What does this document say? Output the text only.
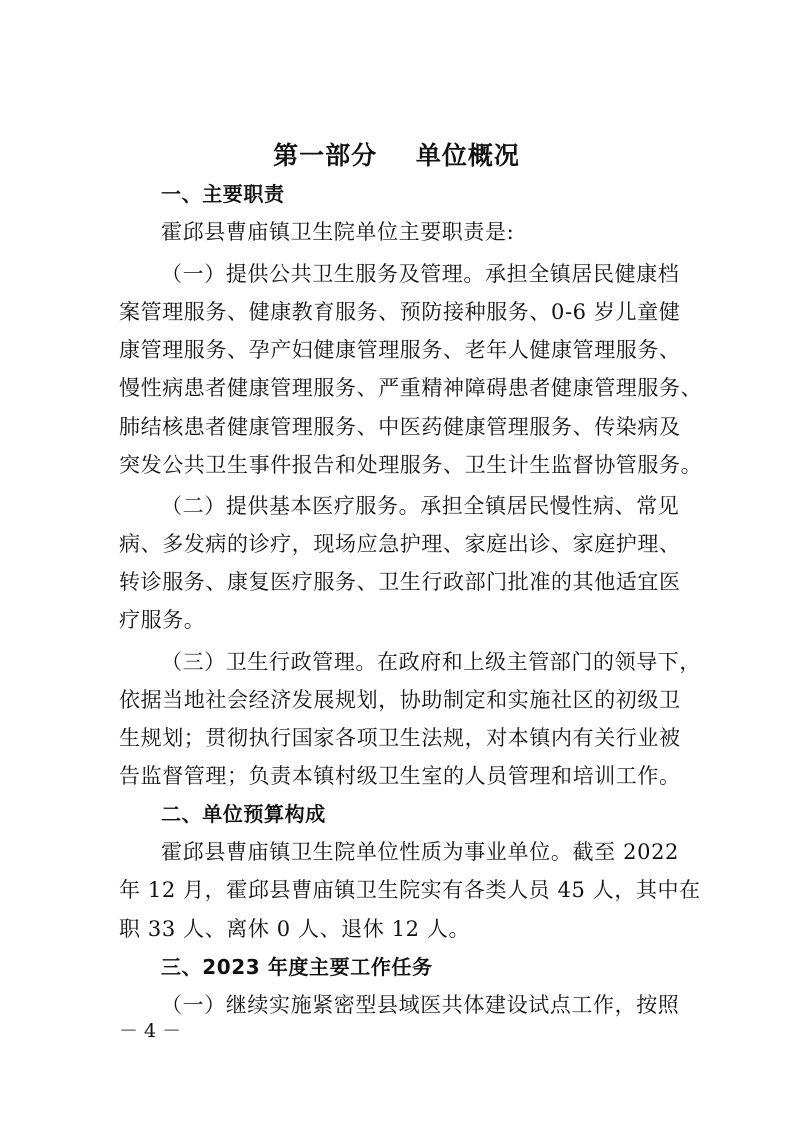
第一部分    单位概况
一、主要职责
霍邱县曹庙镇卫生院单位主要职责是:
（一）提供公共卫生服务及管理。承担全镇居民健康档
案管理服务、健康教育服务、预防接种服务、0-6 岁儿童健
康管理服务、孕产妇健康管理服务、老年人健康管理服务、
慢性病患者健康管理服务、严重精神障碍患者健康管理服务、
肺结核患者健康管理服务、中医药健康管理服务、传染病及
突发公共卫生事件报告和处理服务、卫生计生监督协管服务。
（二）提供基本医疗服务。承担全镇居民慢性病、常见
病、多发病的诊疗，现场应急护理、家庭出诊、家庭护理、
转诊服务、康复医疗服务、卫生行政部门批准的其他适宜医
疗服务。
（三）卫生行政管理。在政府和上级主管部门的领导下，
依据当地社会经济发展规划，协助制定和实施社区的初级卫
生规划；贯彻执行国家各项卫生法规，对本镇内有关行业被
告监督管理；负责本镇村级卫生室的人员管理和培训工作。
二、单位预算构成
霍邱县曹庙镇卫生院单位性质为事业单位。截至 2022
年 12 月，霍邱县曹庙镇卫生院实有各类人员 45 人，其中在
职 33 人、离休 0 人、退休 12 人。
三、2023 年度主要工作任务
（一）继续实施紧密型县域医共体建设试点工作，按照
－ 4 －
